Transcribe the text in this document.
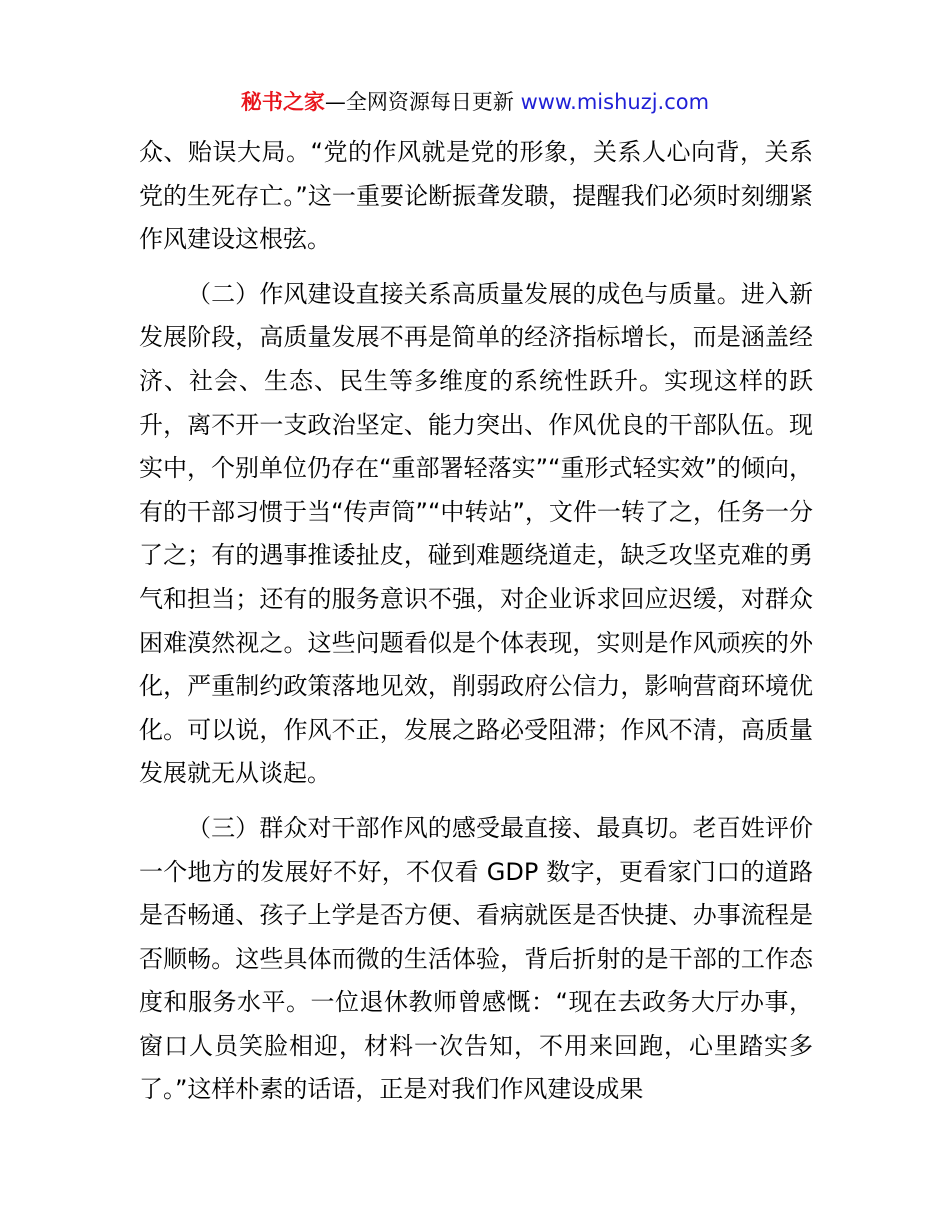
秘书之家—全网资源每日更新 www.mishuzj.com

众、贻误大局。“党的作风就是党的形象，关系人心向背，关系党的生死存亡。”这一重要论断振聋发聩，提醒我们必须时刻绷紧作风建设这根弦。

（二）作风建设直接关系高质量发展的成色与质量。进入新发展阶段，高质量发展不再是简单的经济指标增长，而是涵盖经济、社会、生态、民生等多维度的系统性跃升。实现这样的跃升，离不开一支政治坚定、能力突出、作风优良的干部队伍。现实中，个别单位仍存在“重部署轻落实”“重形式轻实效”的倾向，有的干部习惯于当“传声筒”“中转站”，文件一转了之，任务一分了之；有的遇事推诿扯皮，碰到难题绕道走，缺乏攻坚克难的勇气和担当；还有的服务意识不强，对企业诉求回应迟缓，对群众困难漠然视之。这些问题看似是个体表现，实则是作风顽疾的外化，严重制约政策落地见效，削弱政府公信力，影响营商环境优化。可以说，作风不正，发展之路必受阻滞；作风不清，高质量发展就无从谈起。

（三）群众对干部作风的感受最直接、最真切。老百姓评价一个地方的发展好不好，不仅看 GDP 数字，更看家门口的道路是否畅通、孩子上学是否方便、看病就医是否快捷、办事流程是否顺畅。这些具体而微的生活体验，背后折射的是干部的工作态度和服务水平。一位退休教师曾感慨：“现在去政务大厅办事，窗口人员笑脸相迎，材料一次告知，不用来回跑，心里踏实多了。”这样朴素的话语，正是对我们作风建设成果
